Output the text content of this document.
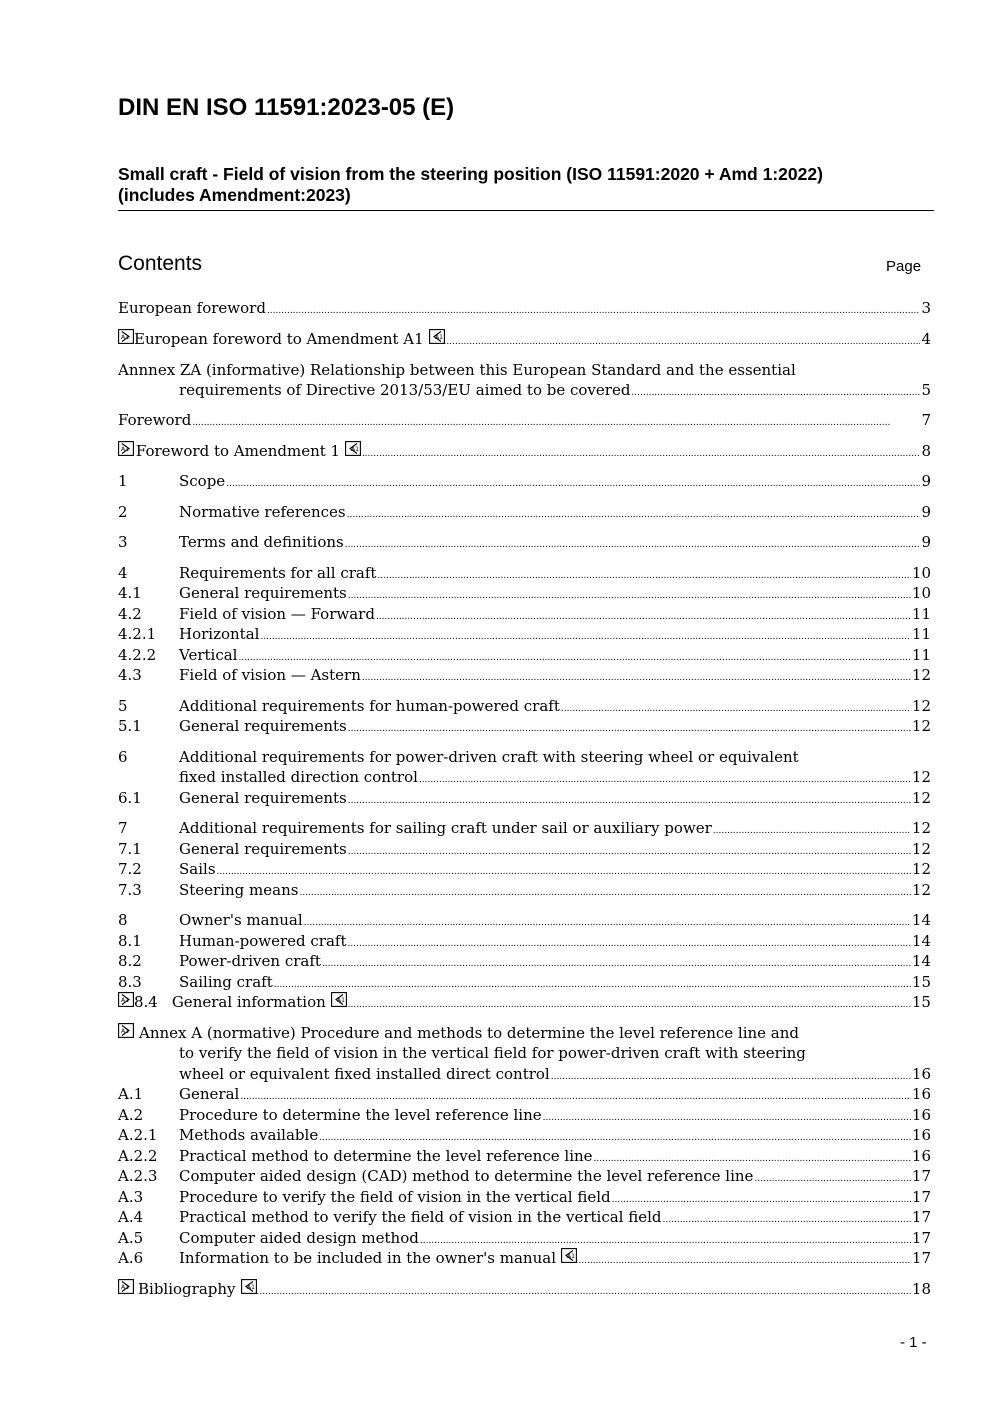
DIN EN ISO 11591:2023-05 (E)
Small craft - Field of vision from the steering position (ISO 11591:2020 + Amd 1:2022)
(includes Amendment:2023)
Contents	Page
European foreword .....	3
A1 European foreword to Amendment A1 A1 .....	4
Annnex ZA (informative) Relationship between this European Standard and the essential
requirements of Directive 2013/53/EU aimed to be covered .....	5
Foreword .....	7
A1 Foreword to Amendment 1 A1 .....	8
1	Scope .....	9
2	Normative references .....	9
3	Terms and definitions .....	9
4	Requirements for all craft .....	10
4.1	General requirements .....	10
4.2	Field of vision — Forward .....	11
4.2.1	Horizontal .....	11
4.2.2	Vertical .....	11
4.3	Field of vision — Astern .....	12
5	Additional requirements for human-powered craft .....	12
5.1	General requirements .....	12
6	Additional requirements for power-driven craft with steering wheel or equivalent
fixed installed direction control .....	12
6.1	General requirements .....	12
7	Additional requirements for sailing craft under sail or auxiliary power .....	12
7.1	General requirements .....	12
7.2	Sails .....	12
7.3	Steering means .....	12
8	Owner's manual .....	14
8.1	Human-powered craft .....	14
8.2	Power-driven craft .....	14
8.3	Sailing craft .....	15
A1 8.4 General information A1 .....	15
A1 Annex A (normative) Procedure and methods to determine the level reference line and
to verify the field of vision in the vertical field for power-driven craft with steering
wheel or equivalent fixed installed direct control .....	16
A.1	General .....	16
A.2	Procedure to determine the level reference line .....	16
A.2.1	Methods available .....	16
A.2.2	Practical method to determine the level reference line .....	16
A.2.3	Computer aided design (CAD) method to determine the level reference line .....	17
A.3	Procedure to verify the field of vision in the vertical field .....	17
A.4	Practical method to verify the field of vision in the vertical field .....	17
A.5	Computer aided design method .....	17
A.6	Information to be included in the owner's manual A1 .....	17
A1 Bibliography A1 .....	18
- 1 -
